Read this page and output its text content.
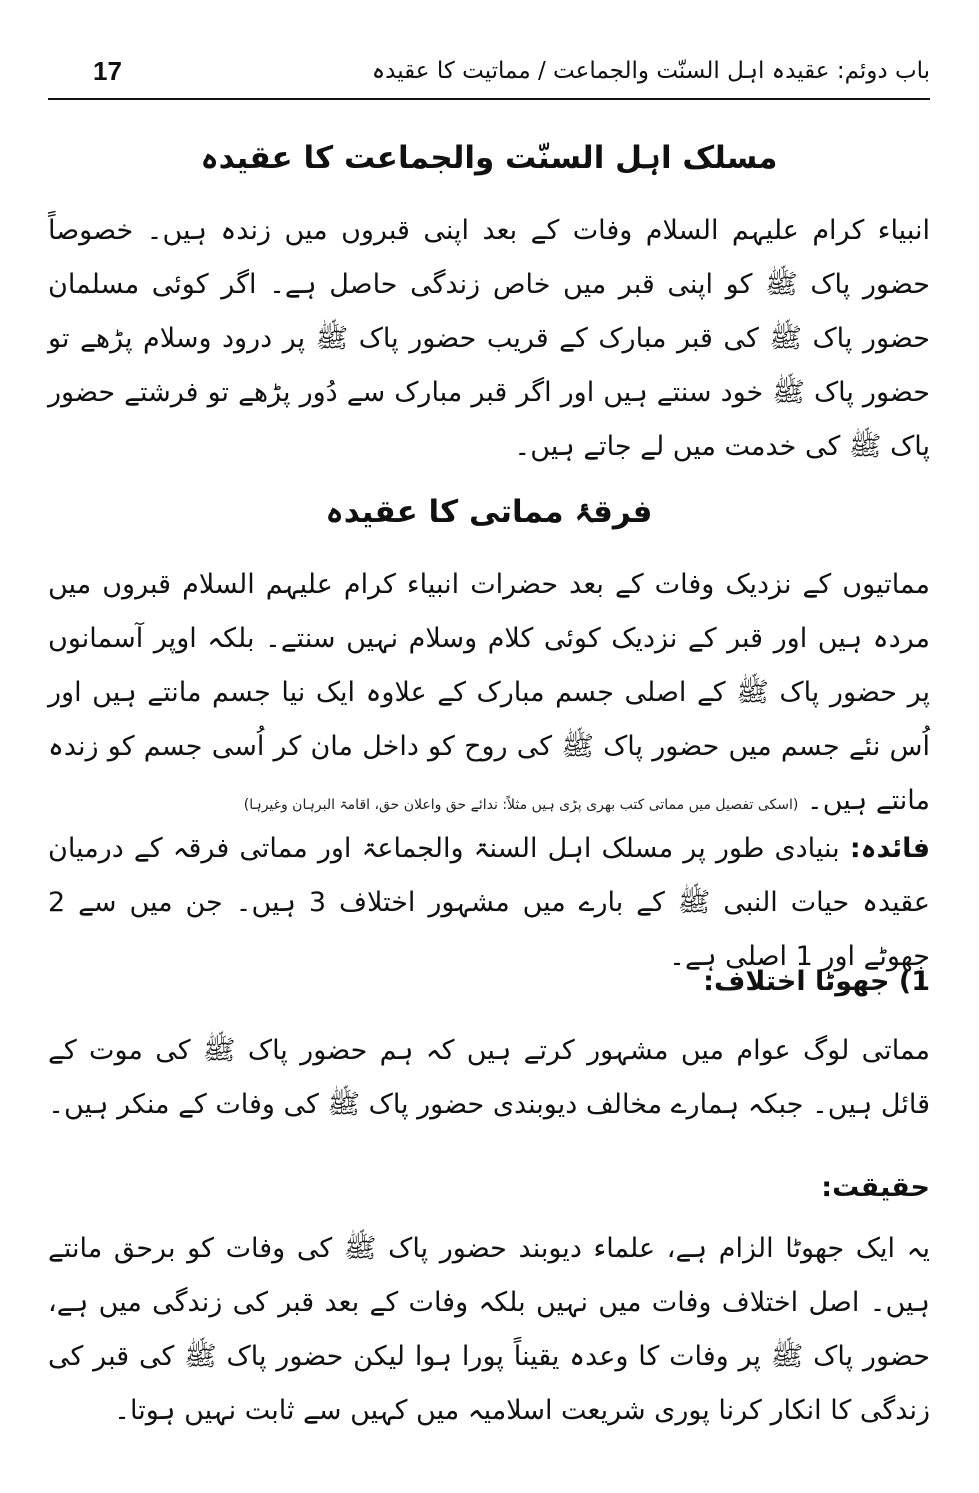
17	باب دوئم: عقیدہ اہل السنّت والجماعت / مماتیت کا عقیدہ
مسلک اہل السنّت والجماعت کا عقیدہ
انبیاء کرام علیہم السلام وفات کے بعد اپنی قبروں میں زندہ ہیں۔ خصوصاً حضور پاک ﷺ کو اپنی قبر میں خاص زندگی حاصل ہے۔ اگر کوئی مسلمان حضور پاک ﷺ کی قبر مبارک کے قریب حضور پاک ﷺ پر درود وسلام پڑھے تو حضور پاک ﷺ خود سنتے ہیں اور اگر قبر مبارک سے دُور پڑھے تو فرشتے حضور پاک ﷺ کی خدمت میں لے جاتے ہیں۔
فرقۂ مماتی کا عقیدہ
مماتیوں کے نزدیک وفات کے بعد حضرات انبیاء کرام علیہم السلام قبروں میں مردہ ہیں اور قبر کے نزدیک کوئی کلام وسلام نہیں سنتے۔ بلکہ اوپر آسمانوں پر حضور پاک ﷺ کے اصلی جسم مبارک کے علاوہ ایک نیا جسم مانتے ہیں اور اُس نئے جسم میں حضور پاک ﷺ کی روح کو داخل مان کر اُسی جسم کو زندہ مانتے ہیں۔ (اسکی تفصیل میں مماتی کتب بھری پڑی ہیں مثلاً: ندائے حق واعلان حق، اقامۃ البرہان وغیرہا)
فائدہ: بنیادی طور پر مسلک اہل السنۃ والجماعۃ اور مماتی فرقہ کے درمیان عقیدہ حیات النبی ﷺ کے بارے میں مشہور اختلاف 3 ہیں۔ جن میں سے 2 جھوٹے اور 1 اصلی ہے۔
1) جھوٹا اختلاف:
مماتی لوگ عوام میں مشہور کرتے ہیں کہ ہم حضور پاک ﷺ کی موت کے قائل ہیں۔ جبکہ ہمارے مخالف دیوبندی حضور پاک ﷺ کی وفات کے منکر ہیں۔
حقیقت:
یہ ایک جھوٹا الزام ہے، علماء دیوبند حضور پاک ﷺ کی وفات کو برحق مانتے ہیں۔ اصل اختلاف وفات میں نہیں بلکہ وفات کے بعد قبر کی زندگی میں ہے، حضور پاک ﷺ پر وفات کا وعدہ یقیناً پورا ہوا لیکن حضور پاک ﷺ کی قبر کی زندگی کا انکار کرنا پوری شریعت اسلامیہ میں کہیں سے ثابت نہیں ہوتا۔
